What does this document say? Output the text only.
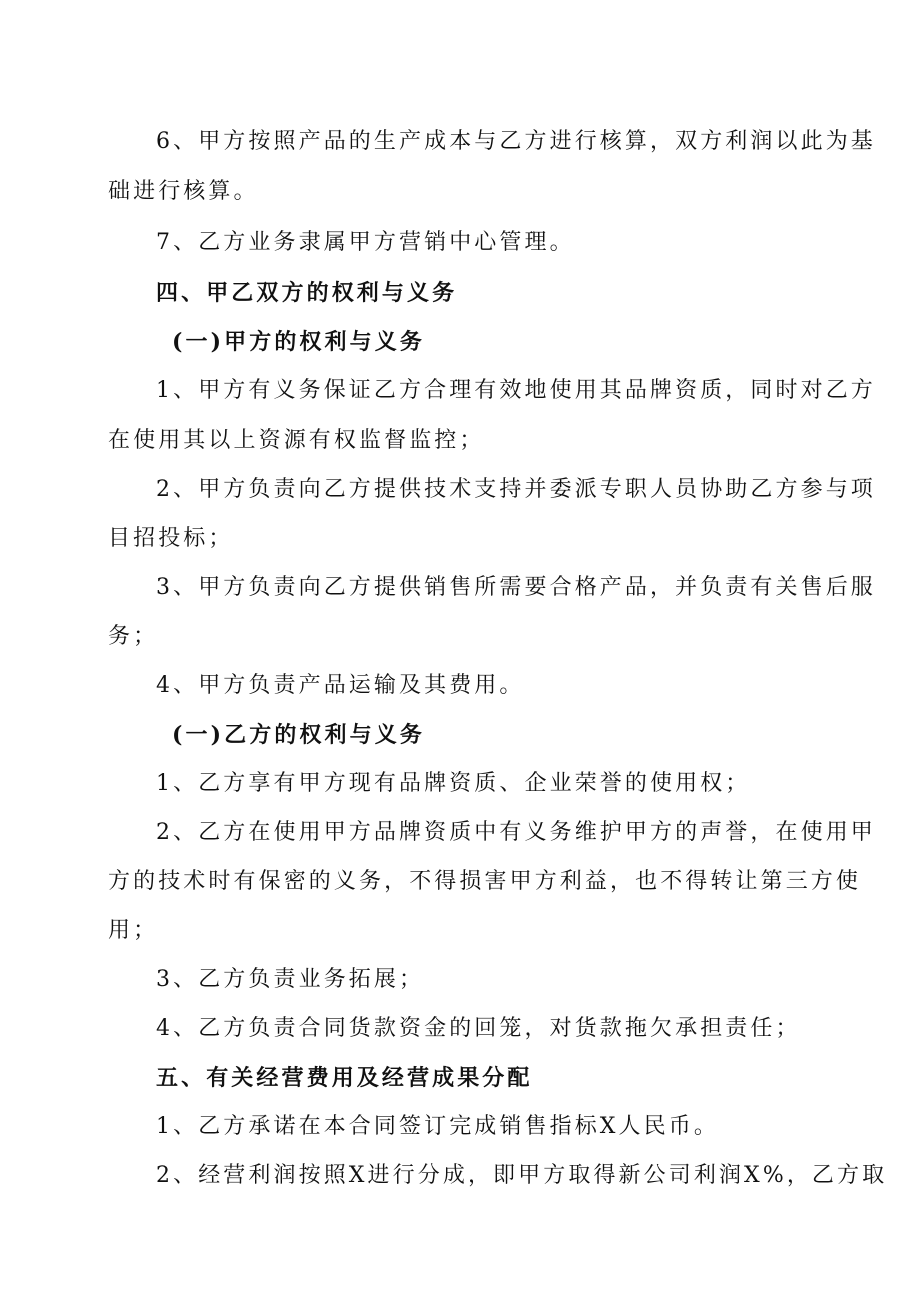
6、甲方按照产品的生产成本与乙方进行核算，双方利润以此为基
础进行核算。
7、乙方业务隶属甲方营销中心管理。
四、甲乙双方的权利与义务
(一)甲方的权利与义务
1、甲方有义务保证乙方合理有效地使用其品牌资质，同时对乙方
在使用其以上资源有权监督监控；
2、甲方负责向乙方提供技术支持并委派专职人员协助乙方参与项
目招投标；
3、甲方负责向乙方提供销售所需要合格产品，并负责有关售后服
务；
4、甲方负责产品运输及其费用。
(一)乙方的权利与义务
1、乙方享有甲方现有品牌资质、企业荣誉的使用权；
2、乙方在使用甲方品牌资质中有义务维护甲方的声誉，在使用甲
方的技术时有保密的义务，不得损害甲方利益，也不得转让第三方使
用；
3、乙方负责业务拓展；
4、乙方负责合同货款资金的回笼，对货款拖欠承担责任；
五、有关经营费用及经营成果分配
1、乙方承诺在本合同签订完成销售指标X人民币。
2、经营利润按照X进行分成，即甲方取得新公司利润X%，乙方取
